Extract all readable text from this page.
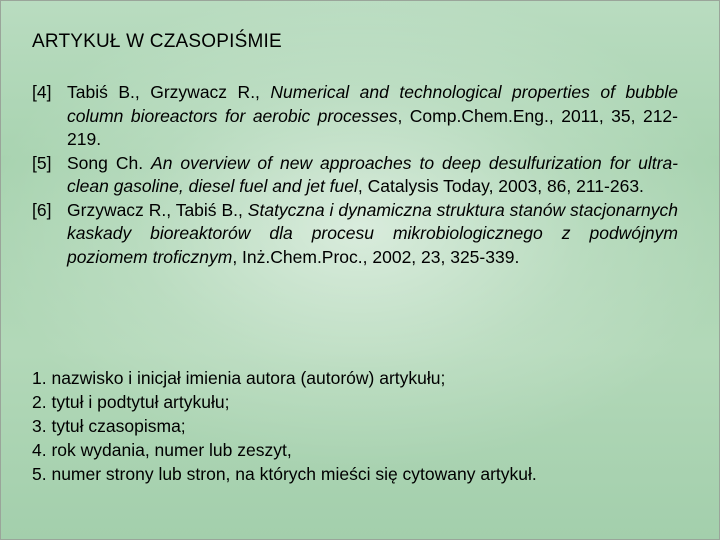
ARTYKUŁ W CZASOPIŚMIE
[4] Tabiś B., Grzywacz R., Numerical and technological properties of bubble column bioreactors for aerobic processes, Comp.Chem.Eng., 2011, 35, 212-219.
[5] Song Ch. An overview of new approaches to deep desulfurization for ultra-clean gasoline, diesel fuel and jet fuel, Catalysis Today, 2003, 86, 211-263.
[6] Grzywacz R., Tabiś B., Statyczna i dynamiczna struktura stanów stacjonarnych kaskady bioreaktorów dla procesu mikrobiologicznego z podwójnym poziomem troficznym, Inż.Chem.Proc., 2002, 23, 325-339.
1. nazwisko i inicjał imienia autora (autorów) artykułu;
2. tytuł i podtytuł artykułu;
3. tytuł czasopisma;
4. rok wydania, numer lub zeszyt,
5. numer strony lub stron, na których mieści się cytowany artykuł.
